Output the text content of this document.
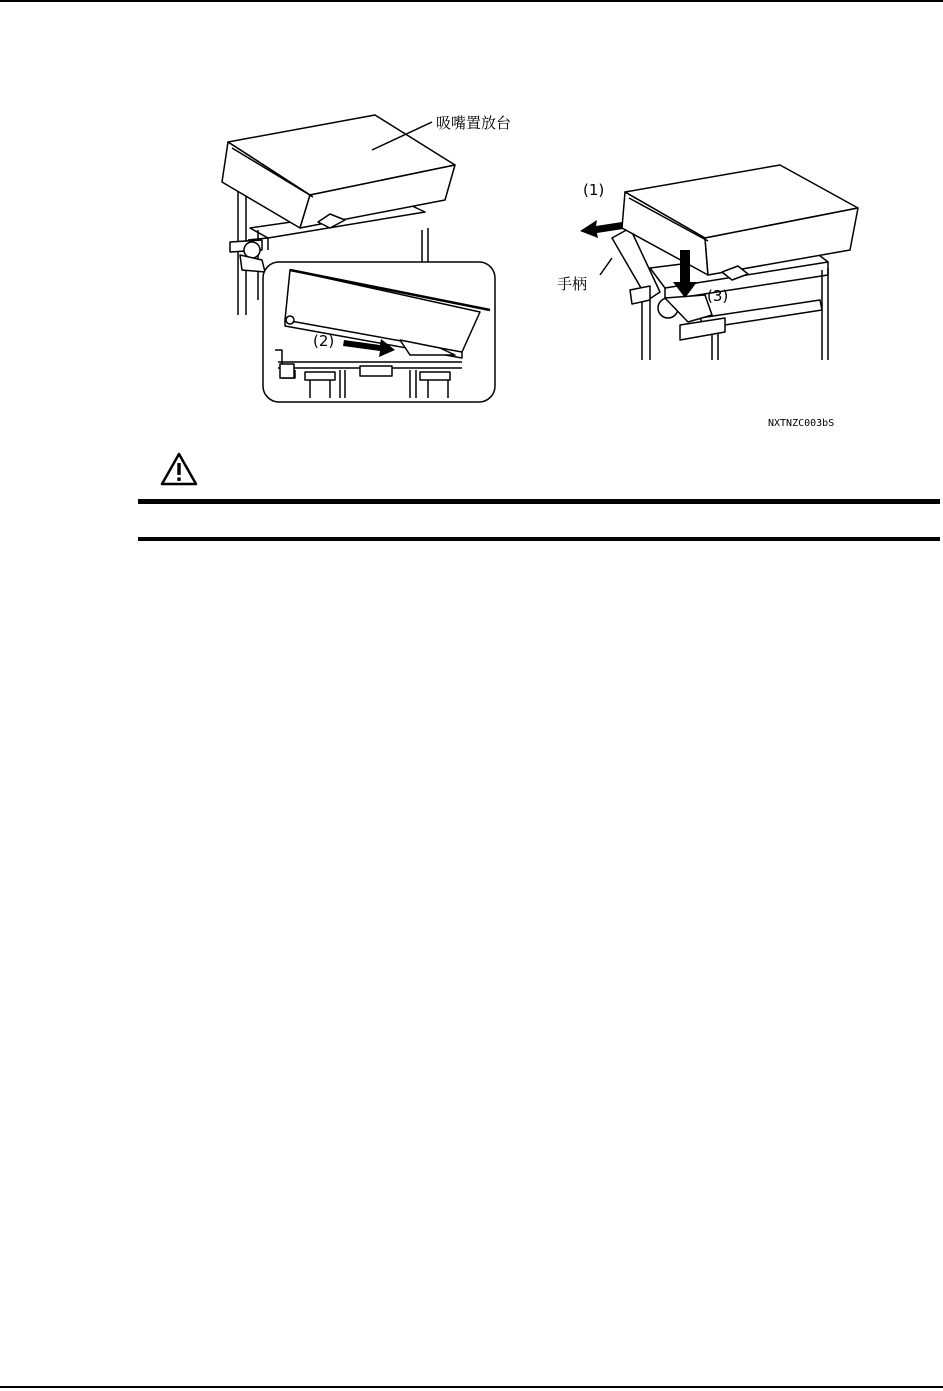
吸嘴置放台
(1)
(2)
(3)
手柄
NXTNZC003bS
